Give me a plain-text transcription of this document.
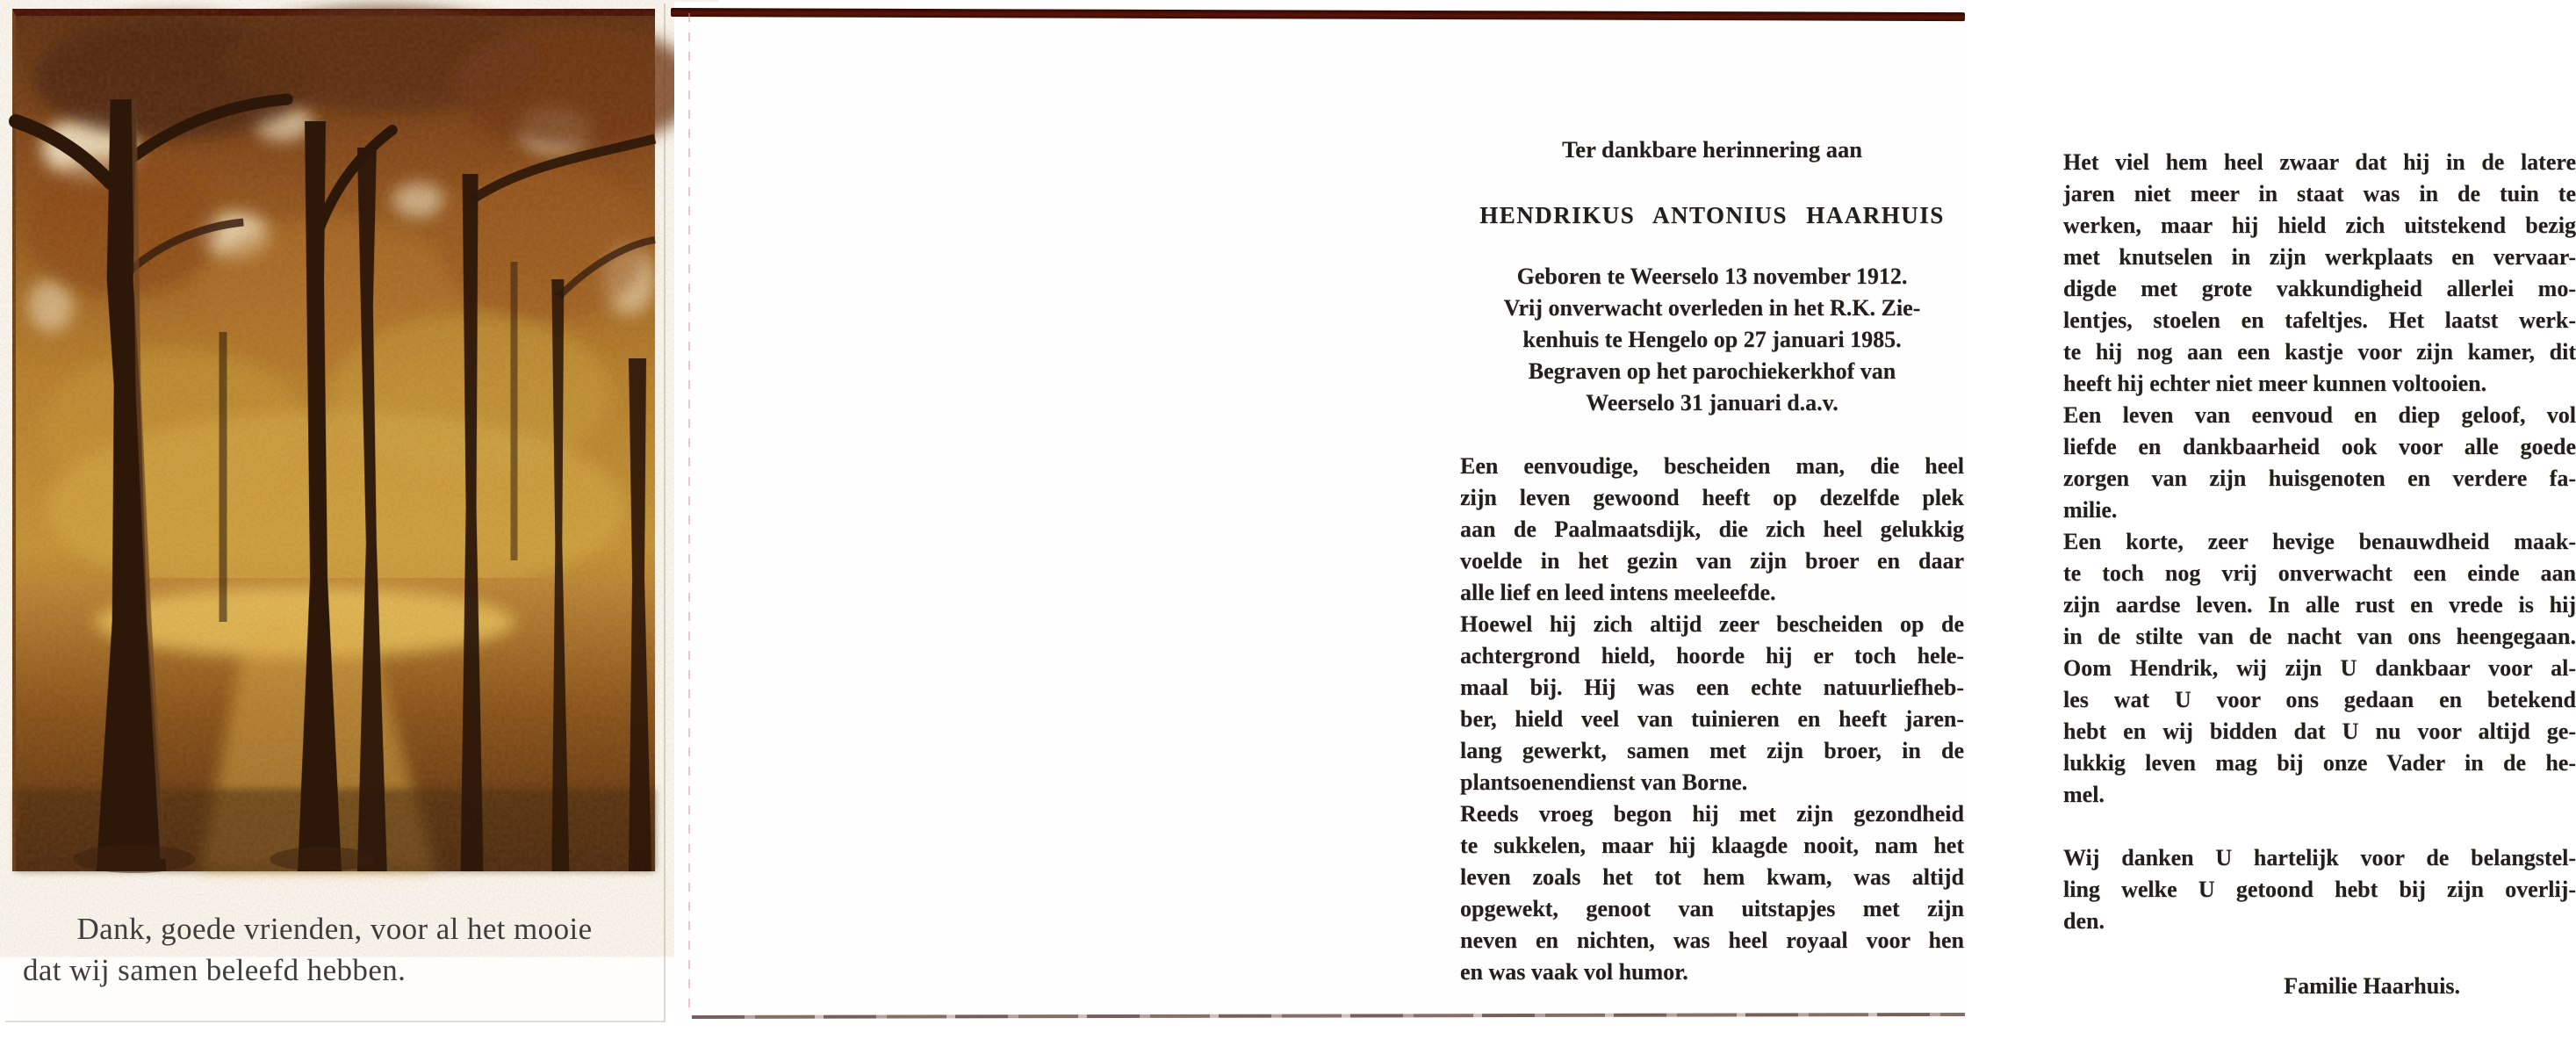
Dank, goede vrienden, voor al het mooie
dat wij samen beleefd hebben.
Ter dankbare herinnering aan
HENDRIKUS ANTONIUS HAARHUIS
Geboren te Weerselo 13 november 1912.
Vrij onverwacht overleden in het R.K. Zie-
kenhuis te Hengelo op 27 januari 1985.
Begraven op het parochiekerkhof van
Weerselo 31 januari d.a.v.
Een eenvoudige, bescheiden man, die heel
zijn leven gewoond heeft op dezelfde plek
aan de Paalmaatsdijk, die zich heel gelukkig
voelde in het gezin van zijn broer en daar
alle lief en leed intens meeleefde.
Hoewel hij zich altijd zeer bescheiden op de
achtergrond hield, hoorde hij er toch hele-
maal bij. Hij was een echte natuurliefheb-
ber, hield veel van tuinieren en heeft jaren-
lang gewerkt, samen met zijn broer, in de
plantsoenendienst van Borne.
Reeds vroeg begon hij met zijn gezondheid
te sukkelen, maar hij klaagde nooit, nam het
leven zoals het tot hem kwam, was altijd
opgewekt, genoot van uitstapjes met zijn
neven en nichten, was heel royaal voor hen
en was vaak vol humor.
Het viel hem heel zwaar dat hij in de latere
jaren niet meer in staat was in de tuin te
werken, maar hij hield zich uitstekend bezig
met knutselen in zijn werkplaats en vervaar-
digde met grote vakkundigheid allerlei mo-
lentjes, stoelen en tafeltjes. Het laatst werk-
te hij nog aan een kastje voor zijn kamer, dit
heeft hij echter niet meer kunnen voltooien.
Een leven van eenvoud en diep geloof, vol
liefde en dankbaarheid ook voor alle goede
zorgen van zijn huisgenoten en verdere fa-
milie.
Een korte, zeer hevige benauwdheid maak-
te toch nog vrij onverwacht een einde aan
zijn aardse leven. In alle rust en vrede is hij
in de stilte van de nacht van ons heengegaan.
Oom Hendrik, wij zijn U dankbaar voor al-
les wat U voor ons gedaan en betekend
hebt en wij bidden dat U nu voor altijd ge-
lukkig leven mag bij onze Vader in de he-
mel.
Wij danken U hartelijk voor de belangstel-
ling welke U getoond hebt bij zijn overlij-
den.
Familie Haarhuis.
